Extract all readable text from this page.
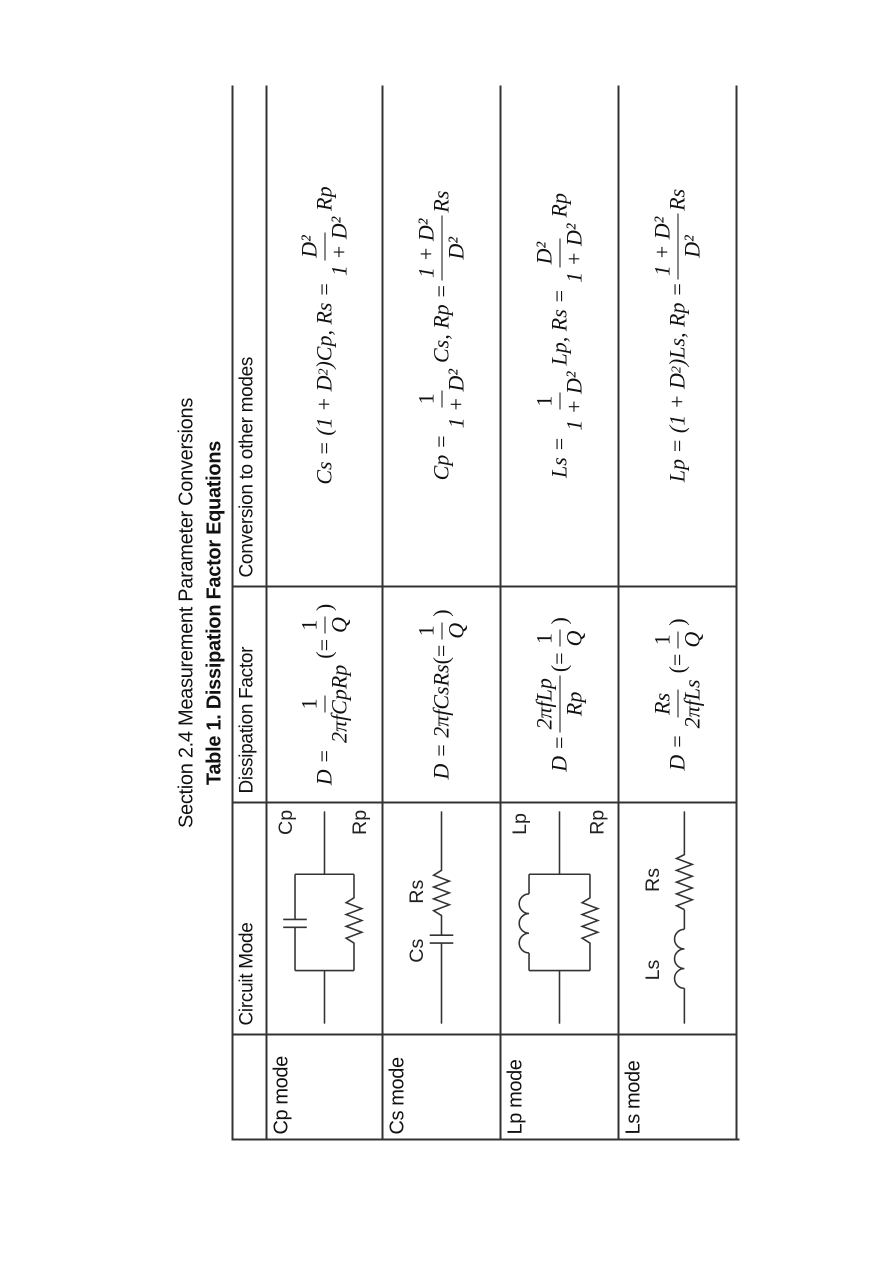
Section 2.4 Measurement Parameter Conversions Table 1. Dissipation Factor Equations
Circuit Mode
Dissipation Factor
Conversion to other modes
Cp mode
Cp	Rp
D =
1 2πfCpRp
(=
1 Q
)
Cs = (1 + D
2
)Cp,

Rs =
D² 1 + D²
Rp
Cs mode
Cs
Rs
D = 2πfCsRs
(=
1 Q
)
Cp =
1 1 + D²
Cs,

Rp =
1 + D² D²
Rs
Lp mode
Lp	Rp
D =
2πfLp Rp
(=
1 Q
)
Ls =
1 1 + D²
Lp,

Rs =
D² 1 + D²
Rp
Ls mode
Ls
Rs
D =
Rs 2πfLs
(=
1 Q
)
Lp = (1 + D
2
)Ls,

Rp =
1 + D² D²
Rs
